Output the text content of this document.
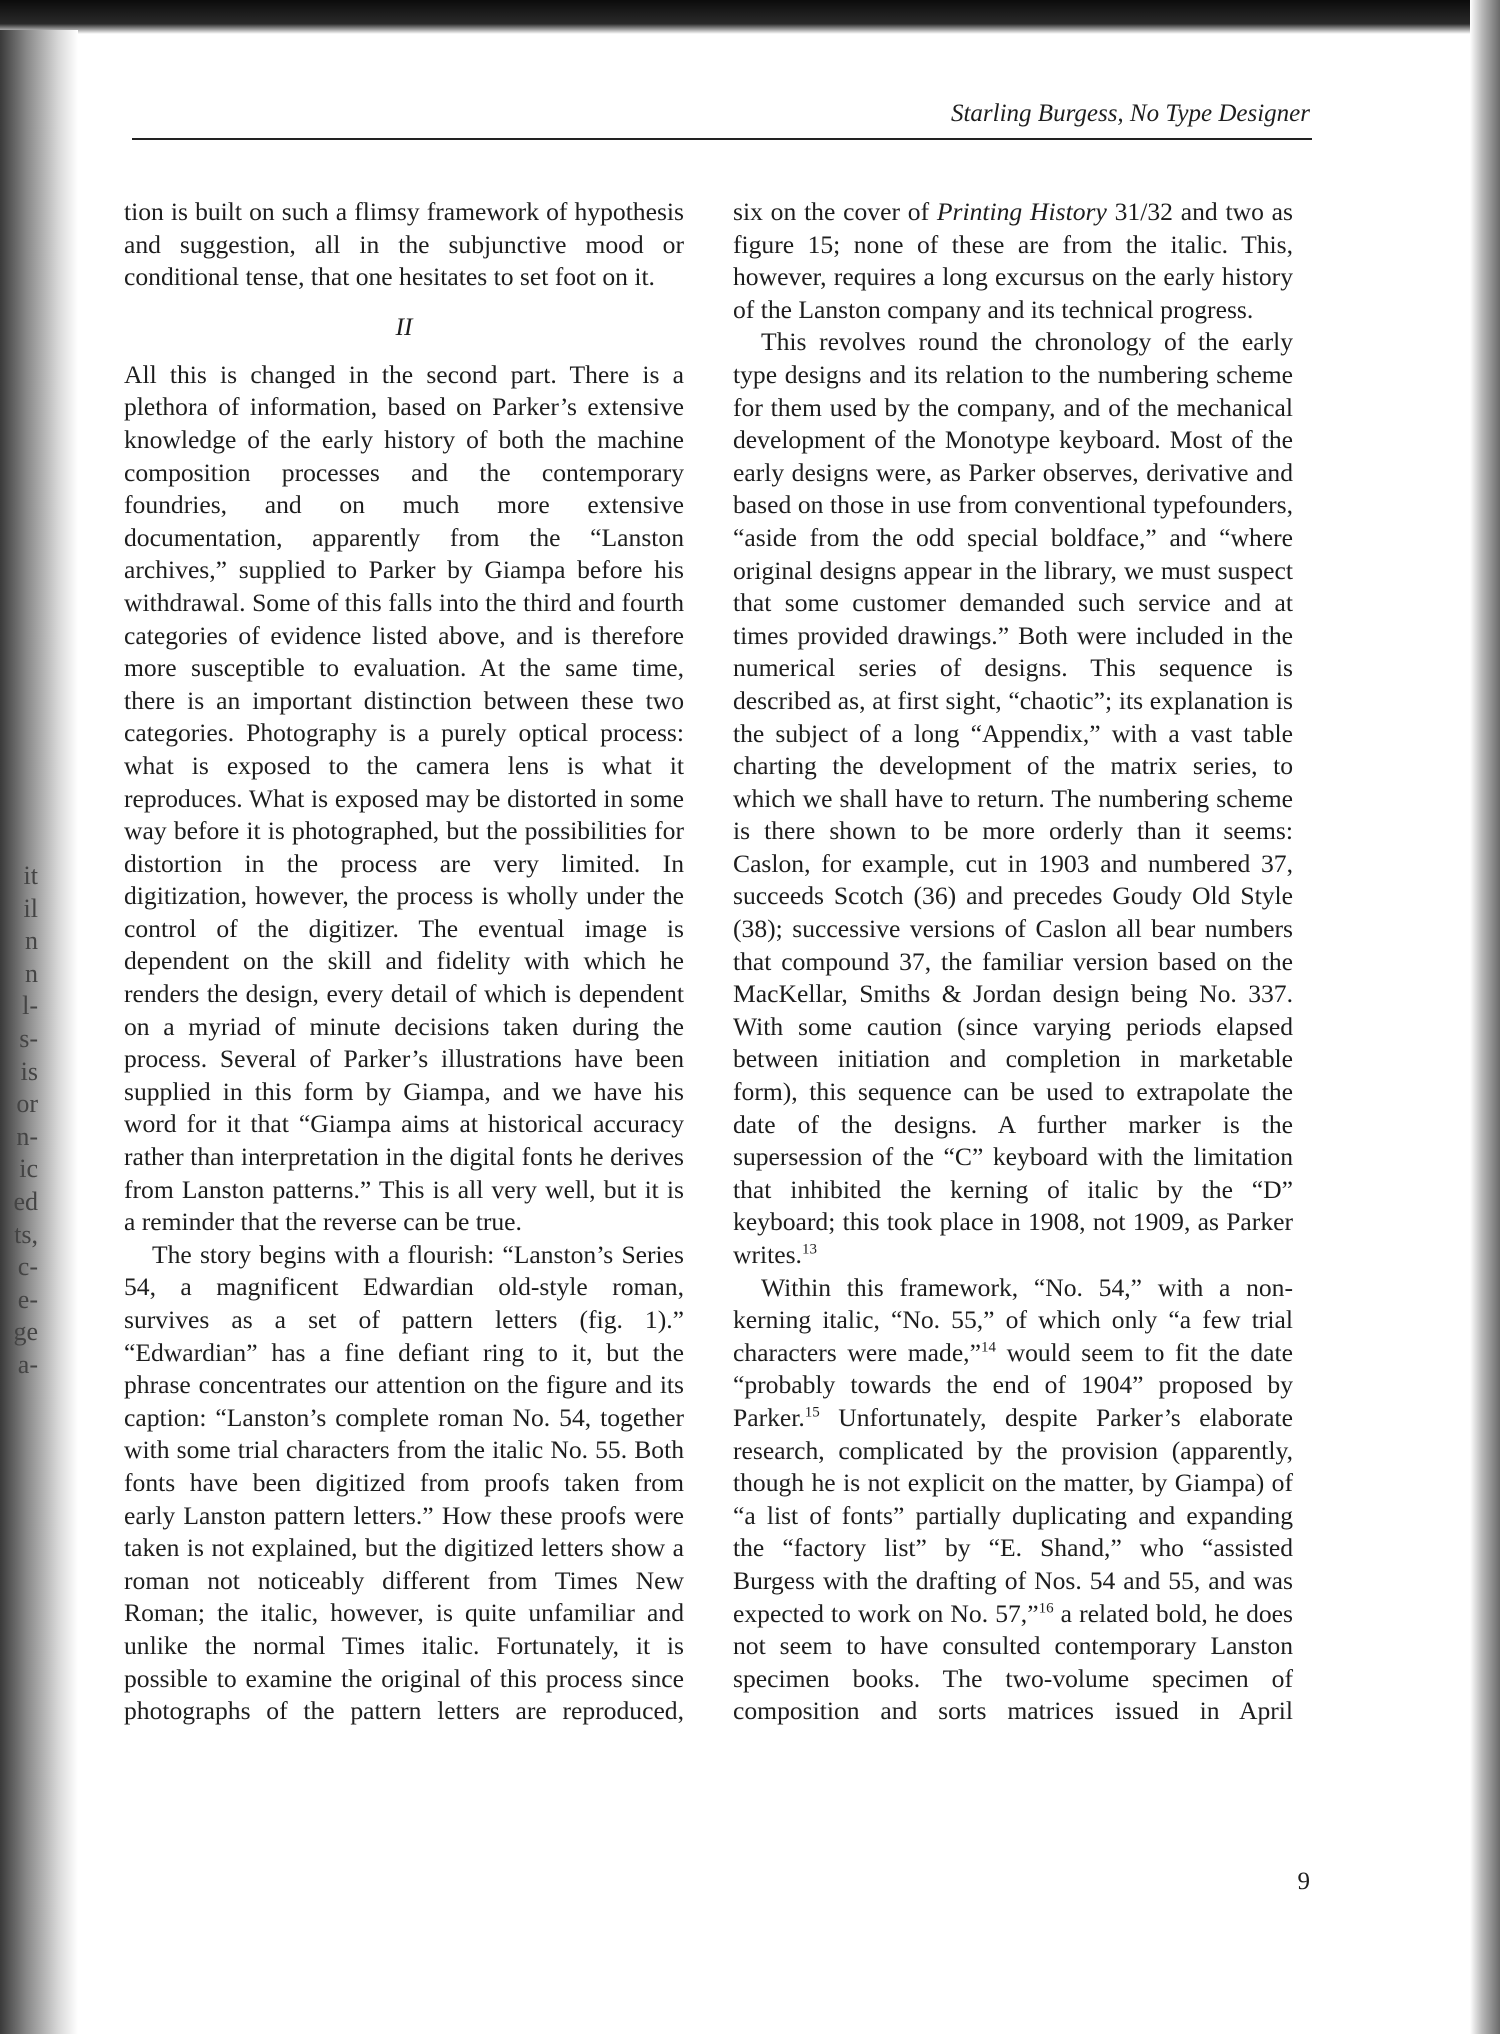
it
il
n
n
l-
s-
is
or
n-
ic
ed
ts,
c-
e-
ge
a-
Starling Burgess, No Type Designer

tion is built on such a flimsy framework of hypothesis and suggestion, all in the subjunctive mood or conditional tense, that one hesitates to set foot on it.

II

All this is changed in the second part. There is a plethora of information, based on Parker’s extensive knowledge of the early history of both the machine composition processes and the contemporary foundries, and on much more extensive documentation, apparently from the “Lanston archives,” supplied to Parker by Giampa before his withdrawal. Some of this falls into the third and fourth categories of evidence listed above, and is therefore more susceptible to evaluation. At the same time, there is an important distinction between these two categories. Photography is a purely optical process: what is exposed to the camera lens is what it reproduces. What is exposed may be distorted in some way before it is photographed, but the possibilities for distortion in the process are very limited. In digitization, however, the process is wholly under the control of the digitizer. The eventual image is dependent on the skill and fidelity with which he renders the design, every detail of which is dependent on a myriad of minute decisions taken during the process. Several of Parker’s illustrations have been supplied in this form by Giampa, and we have his word for it that “Giampa aims at historical accuracy rather than interpretation in the digital fonts he derives from Lanston patterns.” This is all very well, but it is a reminder that the reverse can be true.

The story begins with a flourish: “Lanston’s Series 54, a magnificent Edwardian old-style roman, survives as a set of pattern letters (fig. 1).” “Edwardian” has a fine defiant ring to it, but the phrase concentrates our attention on the figure and its caption: “Lanston’s complete roman No. 54, together with some trial characters from the italic No. 55. Both fonts have been digitized from proofs taken from early Lanston pattern letters.” How these proofs were taken is not explained, but the digitized letters show a roman not noticeably different from Times New Roman; the italic, however, is quite unfamiliar and unlike the normal Times italic. Fortunately, it is possible to examine the original of this process since photographs of the pattern letters are reproduced,

six on the cover of Printing History 31/32 and two as figure 15; none of these are from the italic. This, however, requires a long excursus on the early history of the Lanston company and its technical progress.

This revolves round the chronology of the early type designs and its relation to the numbering scheme for them used by the company, and of the mechanical development of the Monotype keyboard. Most of the early designs were, as Parker observes, derivative and based on those in use from conventional typefounders, “aside from the odd special boldface,” and “where original designs appear in the library, we must suspect that some customer demanded such service and at times provided drawings.” Both were included in the numerical series of designs. This sequence is described as, at first sight, “chaotic”; its explanation is the subject of a long “Appendix,” with a vast table charting the development of the matrix series, to which we shall have to return. The numbering scheme is there shown to be more orderly than it seems: Caslon, for example, cut in 1903 and numbered 37, succeeds Scotch (36) and precedes Goudy Old Style (38); successive versions of Caslon all bear numbers that compound 37, the familiar version based on the MacKellar, Smiths & Jordan design being No. 337. With some caution (since varying periods elapsed between initiation and completion in marketable form), this sequence can be used to extrapolate the date of the designs. A further marker is the supersession of the “C” keyboard with the limitation that inhibited the kerning of italic by the “D” keyboard; this took place in 1908, not 1909, as Parker writes.$^{13}$

Within this framework, “No. 54,” with a non-kerning italic, “No. 55,” of which only “a few trial characters were made,”$^{14}$ would seem to fit the date “probably towards the end of 1904” proposed by Parker.$^{15}$ Unfortunately, despite Parker’s elaborate research, complicated by the provision (apparently, though he is not explicit on the matter, by Giampa) of “a list of fonts” partially duplicating and expanding the “factory list” by “E. Shand,” who “assisted Burgess with the drafting of Nos. 54 and 55, and was expected to work on No. 57,”$^{16}$ a related bold, he does not seem to have consulted contemporary Lanston specimen books. The two-volume specimen of composition and sorts matrices issued in April

9
